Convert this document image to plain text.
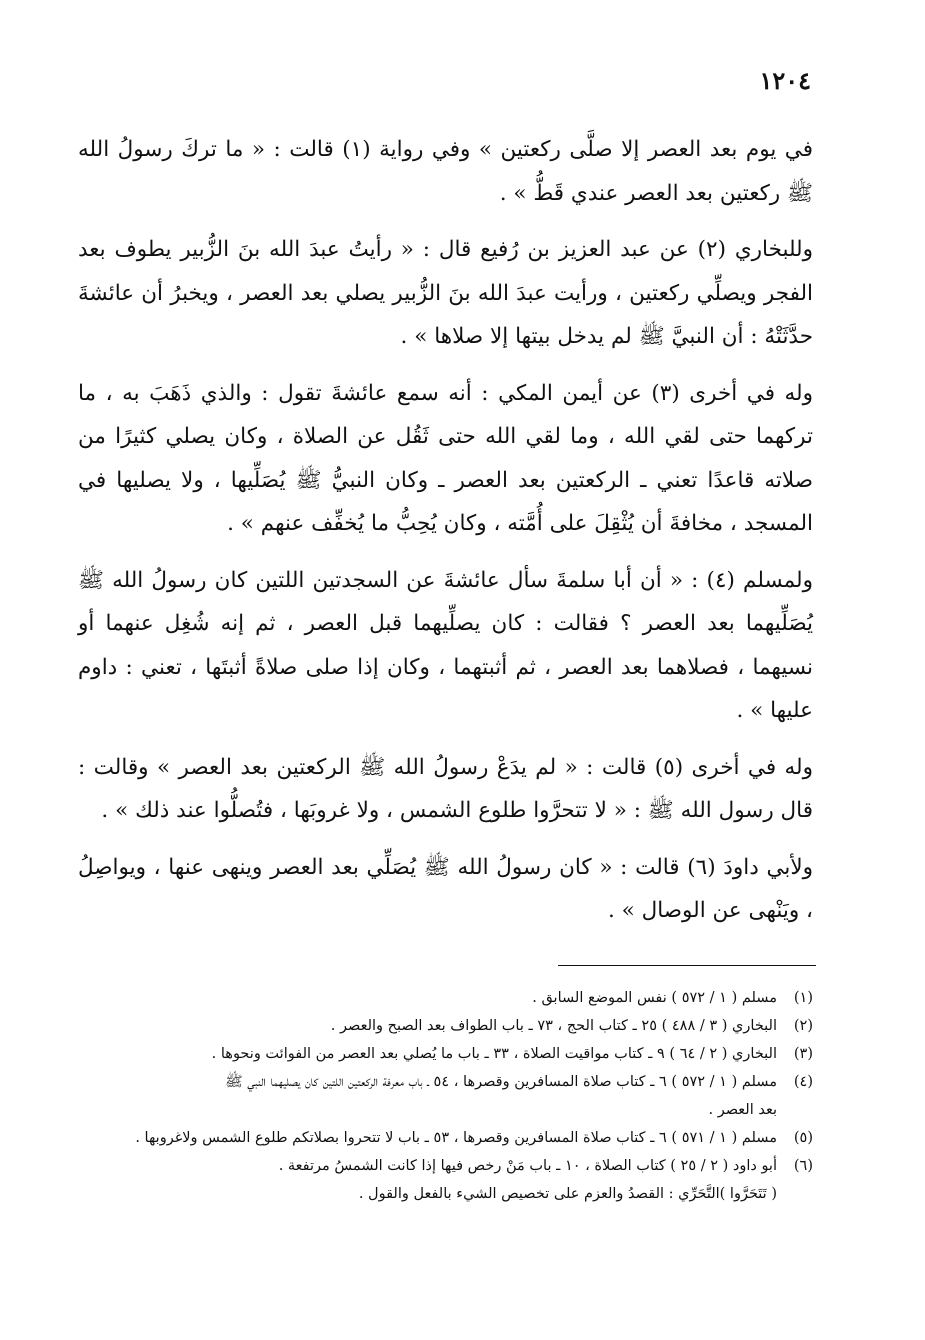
١٢٠٤

في يوم بعد العصر إلا صلَّى ركعتين » وفي رواية (١) قالت : « ما تركَ رسولُ الله ﷺ ركعتين بعد العصر عندي قَطُّ » .

وللبخاري (٢) عن عبد العزيز بن رُفيع قال : « رأيتُ عبدَ الله بنَ الزُّبير يطوف بعد الفجر ويصلِّي ركعتين ، ورأيت عبدَ الله بنَ الزُّبير يصلي بعد العصر ، ويخبرُ أن عائشةَ حدَّثَتْهُ : أن النبيَّ ﷺ لم يدخل بيتها إلا صلاها » .

وله في أخرى (٣) عن أيمن المكي : أنه سمع عائشةَ تقول : والذي ذَهَبَ به ، ما تركهما حتى لقي الله ، وما لقي الله حتى ثَقُل عن الصلاة ، وكان يصلي كثيرًا من صلاته قاعدًا تعني ـ الركعتين بعد العصر ـ وكان النبيُّ ﷺ يُصَلِّيها ، ولا يصليها في المسجد ، مخافةَ أن يُثْقِلَ على أُمَّته ، وكان يُحِبُّ ما يُخفِّف عنهم » .

ولمسلم (٤) : « أن أبا سلمةَ سأل عائشةَ عن السجدتين اللتين كان رسولُ الله ﷺ يُصَلِّيهما بعد العصر ؟ فقالت : كان يصلِّيهما قبل العصر ، ثم إنه شُغِل عنهما أو نسيهما ، فصلاهما بعد العصر ، ثم أثبتهما ، وكان إذا صلى صلاةً أثبتَها ، تعني : داوم عليها » .

وله في أخرى (٥) قالت : « لم يدَعْ رسولُ الله ﷺ الركعتين بعد العصر » وقالت : قال رسول الله ﷺ : « لا تتحرَّوا طلوع الشمس ، ولا غروبَها ، فتُصلُّوا عند ذلك » .

ولأبي داودَ (٦) قالت : « كان رسولُ الله ﷺ يُصَلِّي بعد العصر وينهى عنها ، ويواصِلُ ، ويَنْهى عن الوصال » .

(١)
مسلم ( ١ / ٥٧٢ ) نفس الموضع السابق .
(٢)
البخاري ( ٣ / ٤٨٨ ) ٢٥ ـ كتاب الحج ، ٧٣ ـ باب الطواف بعد الصبح والعصر .
(٣)
البخاري ( ٢ / ٦٤ ) ٩ ـ كتاب مواقيت الصلاة ، ٣٣ ـ باب ما يُصلي بعد العصر من الفوائت ونحوها .
(٤)
مسلم ( ١ / ٥٧٢ ) ٦ ـ كتاب صلاة المسافرين وقصرها ، ٥٤ ـ باب معرفة الركعتين اللتين كان يصليهما النبي ﷺ
بعد العصر .
(٥)
مسلم ( ١ / ٥٧١ ) ٦ ـ كتاب صلاة المسافرين وقصرها ، ٥٣ ـ باب لا تتحروا بصلاتكم طلوع الشمس ولاغروبها .
(٦)
أبو داود ( ٢ / ٢٥ ) كتاب الصلاة ، ١٠ ـ باب مَنْ رخص فيها إذا كانت الشمسُ مرتفعة .
( تَتَحَرَّوا )التَّحَرِّي : القصدُ والعزم على تخصيص الشيء بالفعل والقول .
